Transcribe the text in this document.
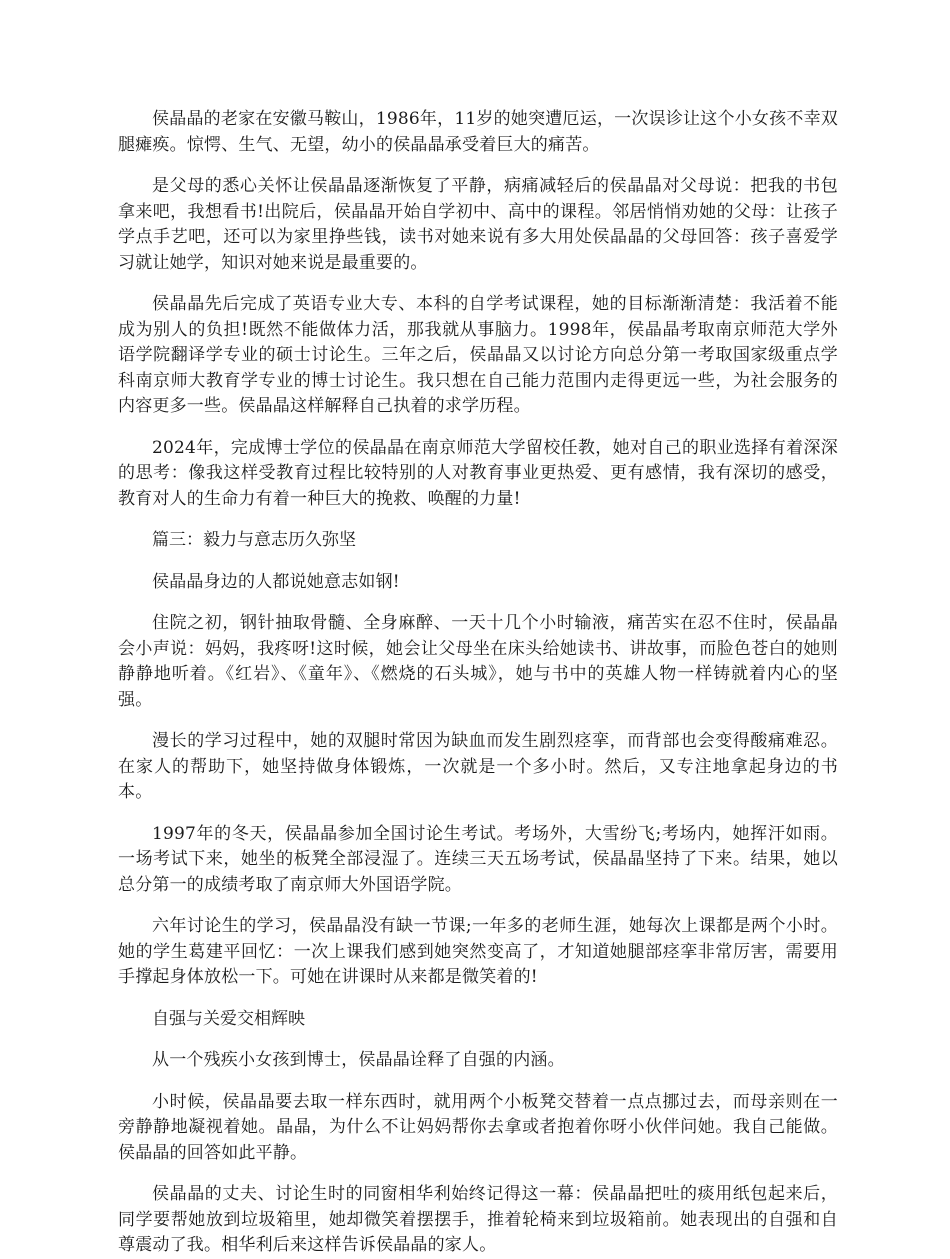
侯晶晶的老家在安徽马鞍山，1986年，11岁的她突遭厄运，一次误诊让这个小女孩不幸双腿瘫痪。惊愕、生气、无望，幼小的侯晶晶承受着巨大的痛苦。

是父母的悉心关怀让侯晶晶逐渐恢复了平静，病痛减轻后的侯晶晶对父母说：把我的书包拿来吧，我想看书!出院后，侯晶晶开始自学初中、高中的课程。邻居悄悄劝她的父母：让孩子学点手艺吧，还可以为家里挣些钱，读书对她来说有多大用处侯晶晶的父母回答：孩子喜爱学习就让她学，知识对她来说是最重要的。

侯晶晶先后完成了英语专业大专、本科的自学考试课程，她的目标渐渐清楚：我活着不能成为别人的负担!既然不能做体力活，那我就从事脑力。1998年，侯晶晶考取南京师范大学外语学院翻译学专业的硕士讨论生。三年之后，侯晶晶又以讨论方向总分第一考取国家级重点学科南京师大教育学专业的博士讨论生。我只想在自己能力范围内走得更远一些，为社会服务的内容更多一些。侯晶晶这样解释自己执着的求学历程。

2024年，完成博士学位的侯晶晶在南京师范大学留校任教，她对自己的职业选择有着深深的思考：像我这样受教育过程比较特别的人对教育事业更热爱、更有感情，我有深切的感受，教育对人的生命力有着一种巨大的挽救、唤醒的力量!

篇三：毅力与意志历久弥坚

侯晶晶身边的人都说她意志如钢!

住院之初，钢针抽取骨髓、全身麻醉、一天十几个小时输液，痛苦实在忍不住时，侯晶晶会小声说：妈妈，我疼呀!这时候，她会让父母坐在床头给她读书、讲故事，而脸色苍白的她则静静地听着。《红岩》、《童年》、《燃烧的石头城》，她与书中的英雄人物一样铸就着内心的坚强。

漫长的学习过程中，她的双腿时常因为缺血而发生剧烈痉挛，而背部也会变得酸痛难忍。在家人的帮助下，她坚持做身体锻炼，一次就是一个多小时。然后，又专注地拿起身边的书本。

1997年的冬天，侯晶晶参加全国讨论生考试。考场外，大雪纷飞;考场内，她挥汗如雨。一场考试下来，她坐的板凳全部浸湿了。连续三天五场考试，侯晶晶坚持了下来。结果，她以总分第一的成绩考取了南京师大外国语学院。

六年讨论生的学习，侯晶晶没有缺一节课;一年多的老师生涯，她每次上课都是两个小时。她的学生葛建平回忆：一次上课我们感到她突然变高了，才知道她腿部痉挛非常厉害，需要用手撑起身体放松一下。可她在讲课时从来都是微笑着的!

自强与关爱交相辉映

从一个残疾小女孩到博士，侯晶晶诠释了自强的内涵。

小时候，侯晶晶要去取一样东西时，就用两个小板凳交替着一点点挪过去，而母亲则在一旁静静地凝视着她。晶晶，为什么不让妈妈帮你去拿或者抱着你呀小伙伴问她。我自己能做。侯晶晶的回答如此平静。

侯晶晶的丈夫、讨论生时的同窗相华利始终记得这一幕：侯晶晶把吐的痰用纸包起来后，同学要帮她放到垃圾箱里，她却微笑着摆摆手，推着轮椅来到垃圾箱前。她表现出的自强和自尊震动了我。相华利后来这样告诉侯晶晶的家人。
